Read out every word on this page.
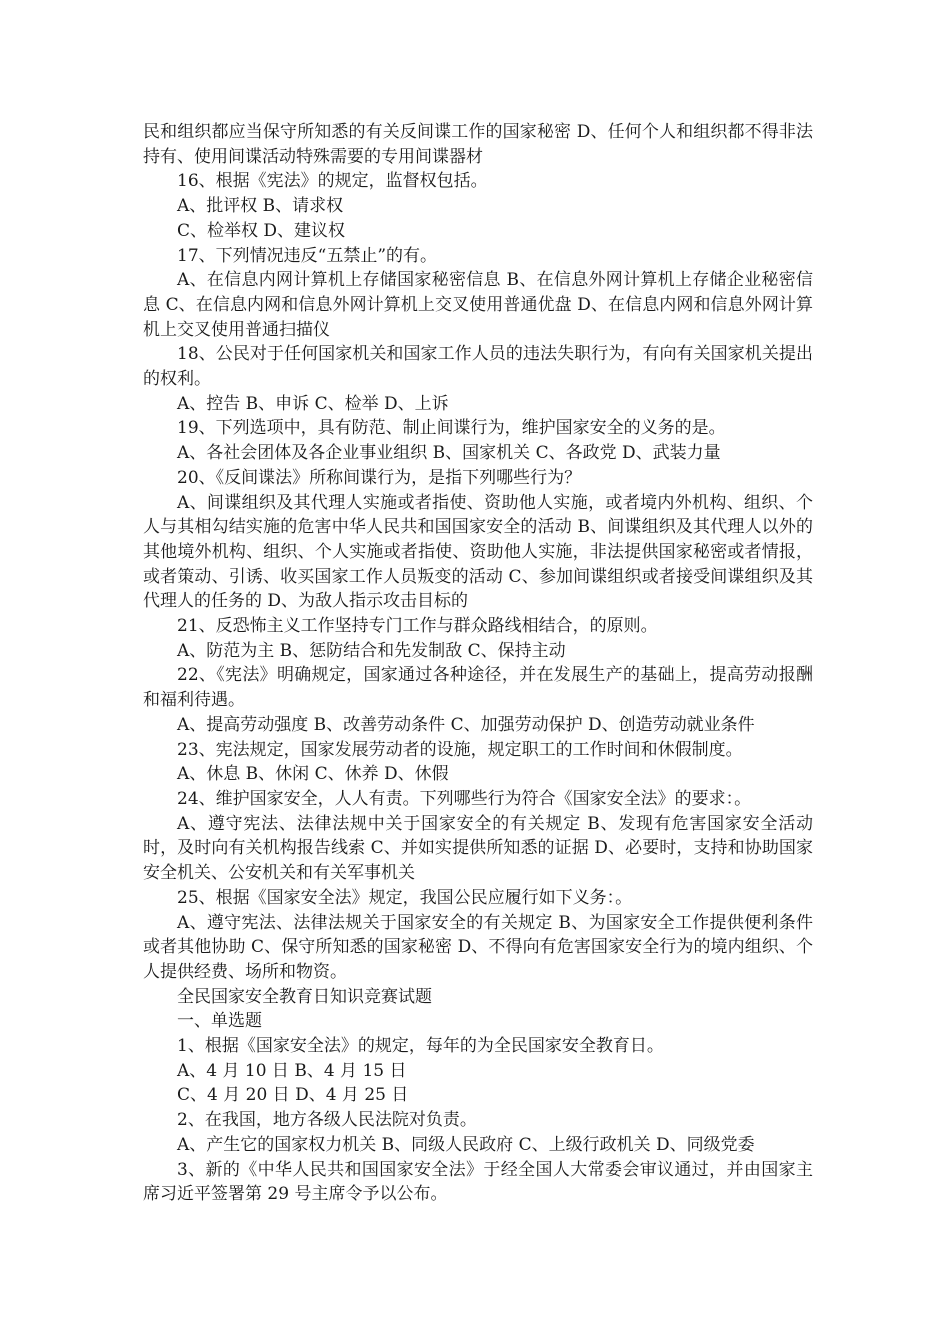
民和组织都应当保守所知悉的有关反间谍工作的国家秘密 D、任何个人和组织都不得非法持有、使用间谍活动特殊需要的专用间谍器材

16、根据《宪法》的规定，监督权包括。

A、批评权 B、请求权

C、检举权 D、建议权

17、下列情况违反“五禁止”的有。

A、在信息内网计算机上存储国家秘密信息 B、在信息外网计算机上存储企业秘密信息 C、在信息内网和信息外网计算机上交叉使用普通优盘 D、在信息内网和信息外网计算机上交叉使用普通扫描仪

18、公民对于任何国家机关和国家工作人员的违法失职行为，有向有关国家机关提出的权利。

A、控告 B、申诉 C、检举 D、上诉

19、下列选项中，具有防范、制止间谍行为，维护国家安全的义务的是。

A、各社会团体及各企业事业组织 B、国家机关 C、各政党 D、武装力量

20、《反间谍法》所称间谍行为，是指下列哪些行为？

A、间谍组织及其代理人实施或者指使、资助他人实施，或者境内外机构、组织、个人与其相勾结实施的危害中华人民共和国国家安全的活动 B、间谍组织及其代理人以外的其他境外机构、组织、个人实施或者指使、资助他人实施，非法提供国家秘密或者情报，或者策动、引诱、收买国家工作人员叛变的活动 C、参加间谍组织或者接受间谍组织及其代理人的任务的 D、为敌人指示攻击目标的

21、反恐怖主义工作坚持专门工作与群众路线相结合，的原则。

A、防范为主 B、惩防结合和先发制敌 C、保持主动

22、《宪法》明确规定，国家通过各种途径，并在发展生产的基础上，提高劳动报酬和福利待遇。

A、提高劳动强度 B、改善劳动条件 C、加强劳动保护 D、创造劳动就业条件

23、宪法规定，国家发展劳动者的设施，规定职工的工作时间和休假制度。

A、休息 B、休闲 C、休养 D、休假

24、维护国家安全，人人有责。下列哪些行为符合《国家安全法》的要求：。

A、遵守宪法、法律法规中关于国家安全的有关规定 B、发现有危害国家安全活动时，及时向有关机构报告线索 C、并如实提供所知悉的证据 D、必要时，支持和协助国家安全机关、公安机关和有关军事机关

25、根据《国家安全法》规定，我国公民应履行如下义务：。

A、遵守宪法、法律法规关于国家安全的有关规定 B、为国家安全工作提供便利条件或者其他协助 C、保守所知悉的国家秘密 D、不得向有危害国家安全行为的境内组织、个人提供经费、场所和物资。

全民国家安全教育日知识竞赛试题

一、单选题

1、根据《国家安全法》的规定，每年的为全民国家安全教育日。

A、4 月 10 日 B、4 月 15 日

C、4 月 20 日 D、4 月 25 日

2、在我国，地方各级人民法院对负责。

A、产生它的国家权力机关 B、同级人民政府 C、上级行政机关 D、同级党委

3、新的《中华人民共和国国家安全法》于经全国人大常委会审议通过，并由国家主席习近平签署第 29 号主席令予以公布。
